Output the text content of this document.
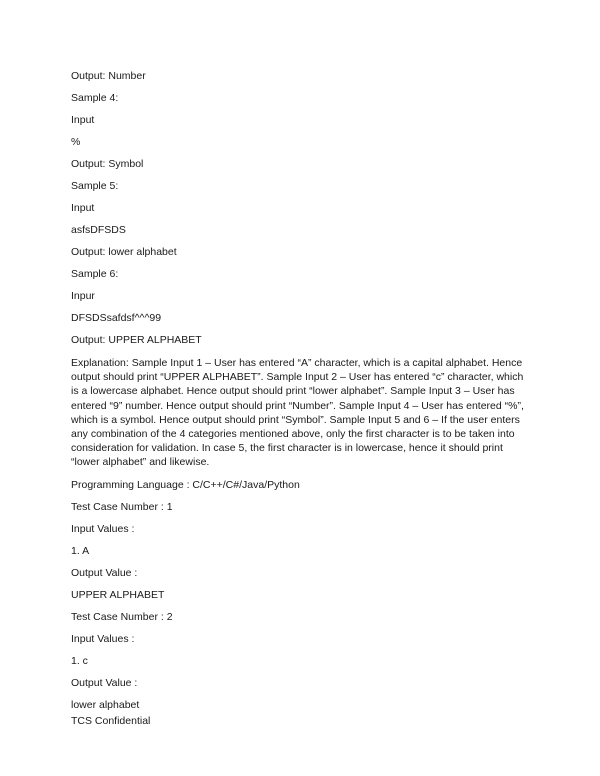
Output: Number

Sample 4:

Input

%

Output: Symbol

Sample 5:

Input

asfsDFSDS

Output: lower alphabet

Sample 6:

Inpur

DFSDSsafdsf^^^99

Output: UPPER ALPHABET

Explanation: Sample Input 1 – User has entered “A” character, which is a capital alphabet. Hence output should print “UPPER ALPHABET”. Sample Input 2 – User has entered “c” character, which is a lowercase alphabet. Hence output should print “lower alphabet”. Sample Input 3 – User has entered “9” number. Hence output should print “Number”. Sample Input 4 – User has entered “%”, which is a symbol. Hence output should print “Symbol”. Sample Input 5 and 6 – If the user enters any combination of the 4 categories mentioned above, only the first character is to be taken into consideration for validation. In case 5, the first character is in lowercase, hence it should print “lower alphabet” and likewise.

Programming Language : C/C++/C#/Java/Python

Test Case Number : 1

Input Values :

1. A

Output Value :

UPPER ALPHABET

Test Case Number : 2

Input Values :

1. c

Output Value :

lower alphabet

TCS Confidential
